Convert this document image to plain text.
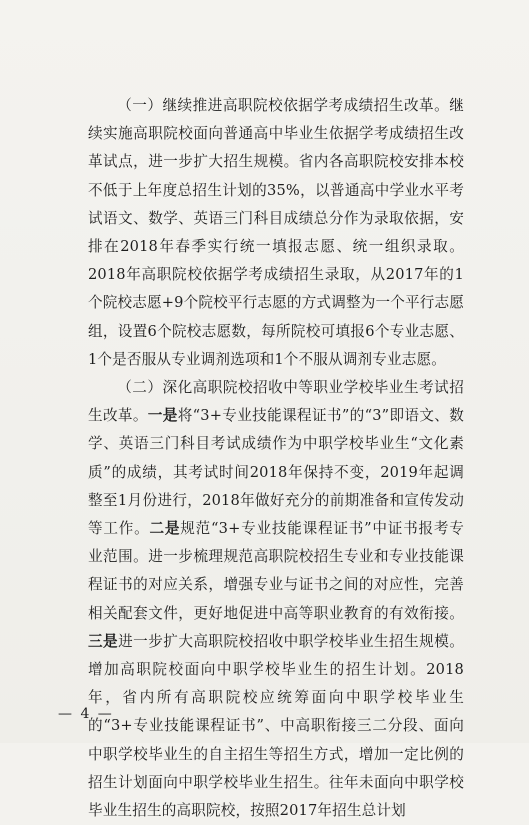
（一）继续推进高职院校依据学考成绩招生改革。继续实施高职院校面向普通高中毕业生依据学考成绩招生改革试点，进一步扩大招生规模。省内各高职院校安排本校不低于上年度总招生计划的35%，以普通高中学业水平考试语文、数学、英语三门科目成绩总分作为录取依据，安排在2018年春季实行统一填报志愿、统一组织录取。2018年高职院校依据学考成绩招生录取，从2017年的1个院校志愿+9个院校平行志愿的方式调整为一个平行志愿组，设置6个院校志愿数，每所院校可填报6个专业志愿、1个是否服从专业调剂选项和1个不服从调剂专业志愿。

（二）深化高职院校招收中等职业学校毕业生考试招生改革。一是将“3+专业技能课程证书”的“3”即语文、数学、英语三门科目考试成绩作为中职学校毕业生“文化素质”的成绩，其考试时间2018年保持不变，2019年起调整至1月份进行，2018年做好充分的前期准备和宣传发动等工作。二是规范“3+专业技能课程证书”中证书报考专业范围。进一步梳理规范高职院校招生专业和专业技能课程证书的对应关系，增强专业与证书之间的对应性，完善相关配套文件，更好地促进中高等职业教育的有效衔接。三是进一步扩大高职院校招收中职学校毕业生招生规模。增加高职院校面向中职学校毕业生的招生计划。2018年，省内所有高职院校应统筹面向中职学校毕业生的“3+专业技能课程证书”、中高职衔接三二分段、面向中职学校毕业生的自主招生等招生方式，增加一定比例的招生计划面向中职学校毕业生招生。往年未面向中职学校毕业生招生的高职院校，按照2017年招生总计划

— 4 —
